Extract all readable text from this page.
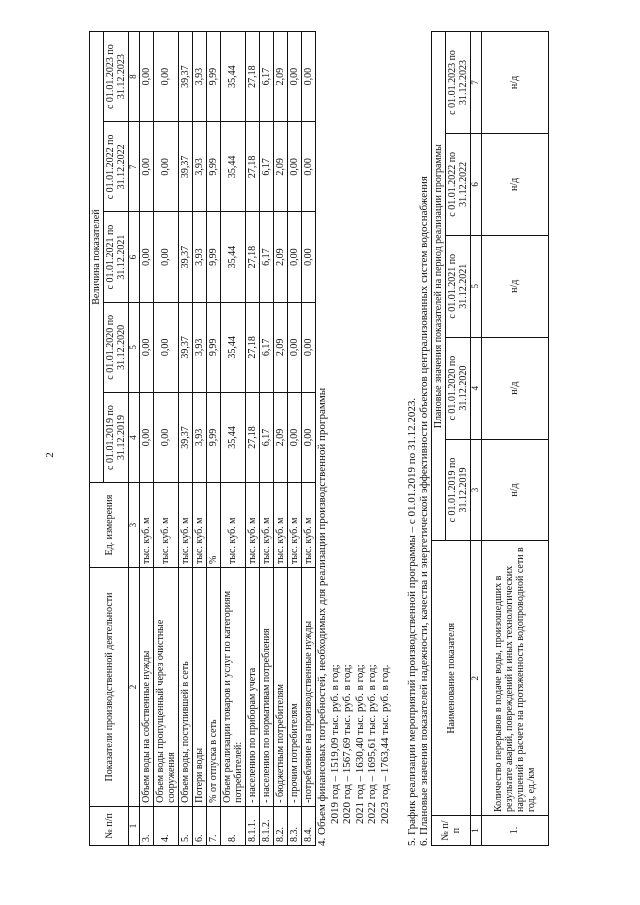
2
№ п/п	Показатели производственной деятельности	Ед. измерения	Величина показателей				
			с 01.01.2019 по 31.12.2019	с 01.01.2020 по 31.12.2020	с 01.01.2021 по 31.12.2021	с 01.01.2022 по 31.12.2022	с 01.01.2023 по 31.12.2023
1	2	3	4	5	6	7	8
3.	Объем воды на собственные нужды	тыс. куб. м	0,00	0,00	0,00	0,00	0,00
4.	Объем воды пропущенный через очистные сооружения	тыс. куб. м	0,00	0,00	0,00	0,00	0,00
5.	Объем воды, поступившей в сеть	тыс. куб. м	39,37	39,37	39,37	39,37	39,37
6.	Потери воды	тыс. куб. м	3,93	3,93	3,93	3,93	3,93
7.	% от отпуска в сеть	%	9,99	9,99	9,99	9,99	9,99
8.	Объем реализации товаров и услуг по категориям потребителей:	тыс. куб. м	35,44	35,44	35,44	35,44	35,44
8.1.1.	- населению по приборам учета	тыс. куб. м	27,18	27,18	27,18	27,18	27,18
8.1.2.	- населению по нормативам потребления	тыс. куб. м	6,17	6,17	6,17	6,17	6,17
8.2.	- бюджетным потребителям	тыс. куб. м	2,09	2,09	2,09	2,09	2,09
8.3.	- прочим потребителям	тыс. куб. м	0,00	0,00	0,00	0,00	0,00
8.4.	-потребление на производственные нужды	тыс. куб. м	0,00	0,00	0,00	0,00	0,00

4. Объем финансовых потребностей, необходимых для реализации производственной программы 2019 год – 1519,09 тыс. руб. в год; 2020 год – 1567,69 тыс. руб. в год; 2021 год – 1630,40 тыс. руб. в год; 2022 год – 1695,61 тыс. руб. в год; 2023 год – 1763,44 тыс. руб. в год. 5. График реализации мероприятий производственной программы – с 01.01.2019 по 31.12.2023. 6. Плановые значения показателей надежности, качества и энергетической эффективности объектов централизованных систем водоснабжения № п/п	Наименование показателя	Плановые значения показателей на период реализации программы				
		с 01.01.2019 по 31.12.2019	с 01.01.2020 по 31.12.2020	с 01.01.2021 по 31.12.2021	с 01.01.2022 по 31.12.2022	с 01.01.2023 по 31.12.2023
1	2	3	4	5	6	7
1.	Количество перерывов в подаче воды, произошедших в результате аварий, повреждений и иных технологических нарушений в расчете на протяженность водопроводной сети в год, ед./км	н/д	н/д	н/д	н/д	н/д
